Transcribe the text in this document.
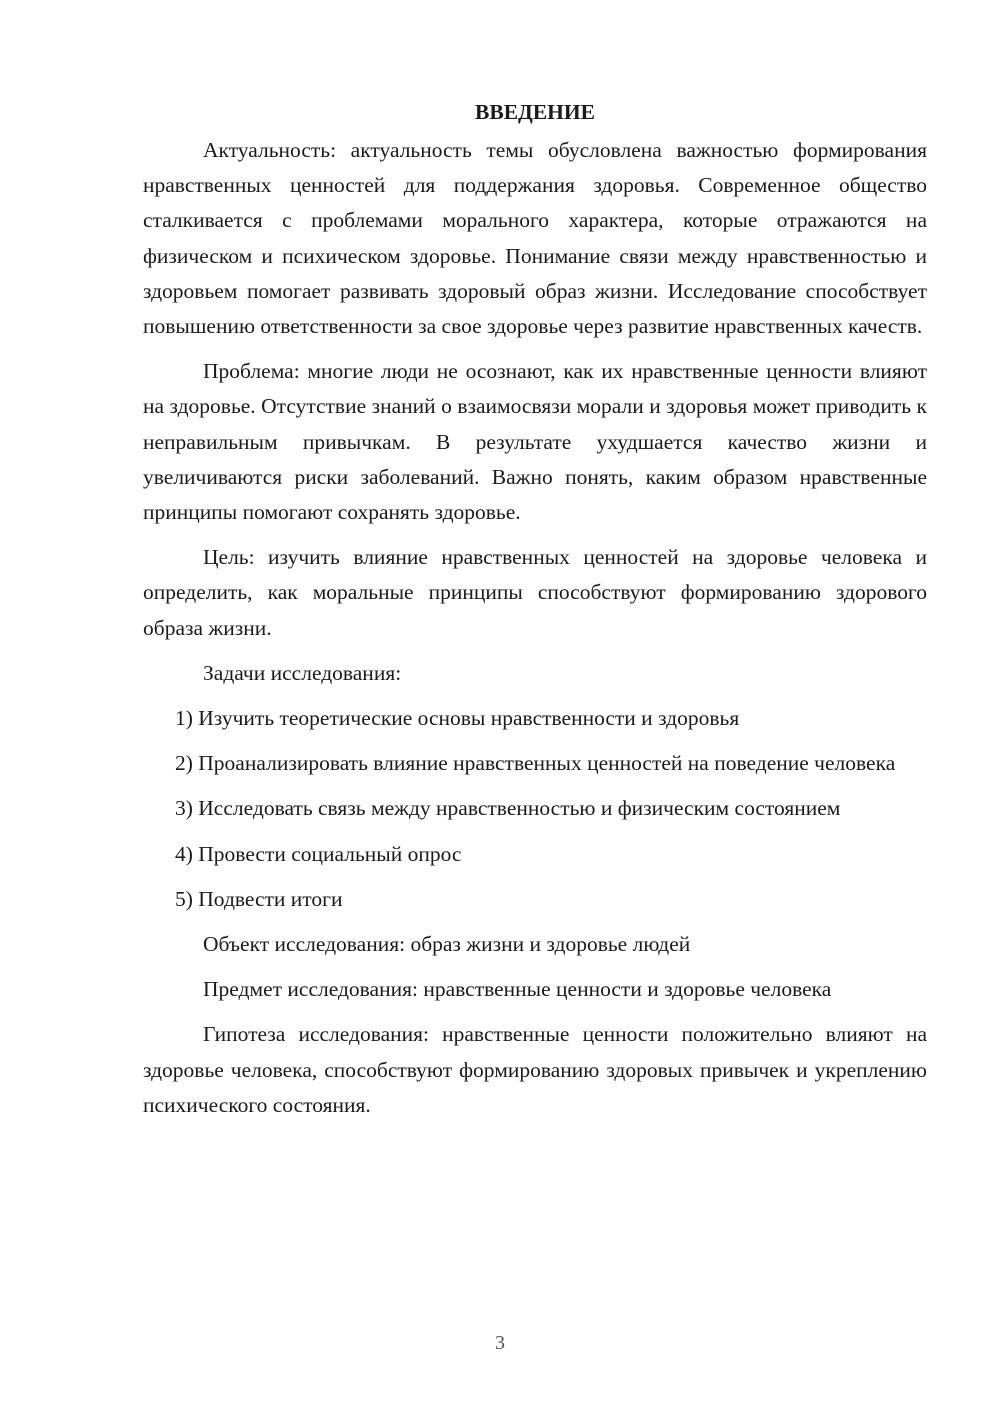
ВВЕДЕНИЕ

Актуальность: актуальность темы обусловлена важностью формирования нравственных ценностей для поддержания здоровья. Современное общество сталкивается с проблемами морального характера, которые отражаются на физическом и психическом здоровье. Понимание связи между нравственностью и здоровьем помогает развивать здоровый образ жизни. Исследование способствует повышению ответственности за свое здоровье через развитие нравственных качеств.

Проблема: многие люди не осознают, как их нравственные ценности влияют на здоровье. Отсутствие знаний о взаимосвязи морали и здоровья может приводить к неправильным привычкам. В результате ухудшается качество жизни и увеличиваются риски заболеваний. Важно понять, каким образом нравственные принципы помогают сохранять здоровье.

Цель: изучить влияние нравственных ценностей на здоровье человека и определить, как моральные принципы способствуют формированию здорового образа жизни.

Задачи исследования:

1) Изучить теоретические основы нравственности и здоровья

2) Проанализировать влияние нравственных ценностей на поведение человека

3) Исследовать связь между нравственностью и физическим состоянием

4) Провести социальный опрос

5) Подвести итоги

Объект исследования: образ жизни и здоровье людей

Предмет исследования: нравственные ценности и здоровье человека

Гипотеза исследования: нравственные ценности положительно влияют на здоровье человека, способствуют формированию здоровых привычек и укреплению психического состояния.

3
